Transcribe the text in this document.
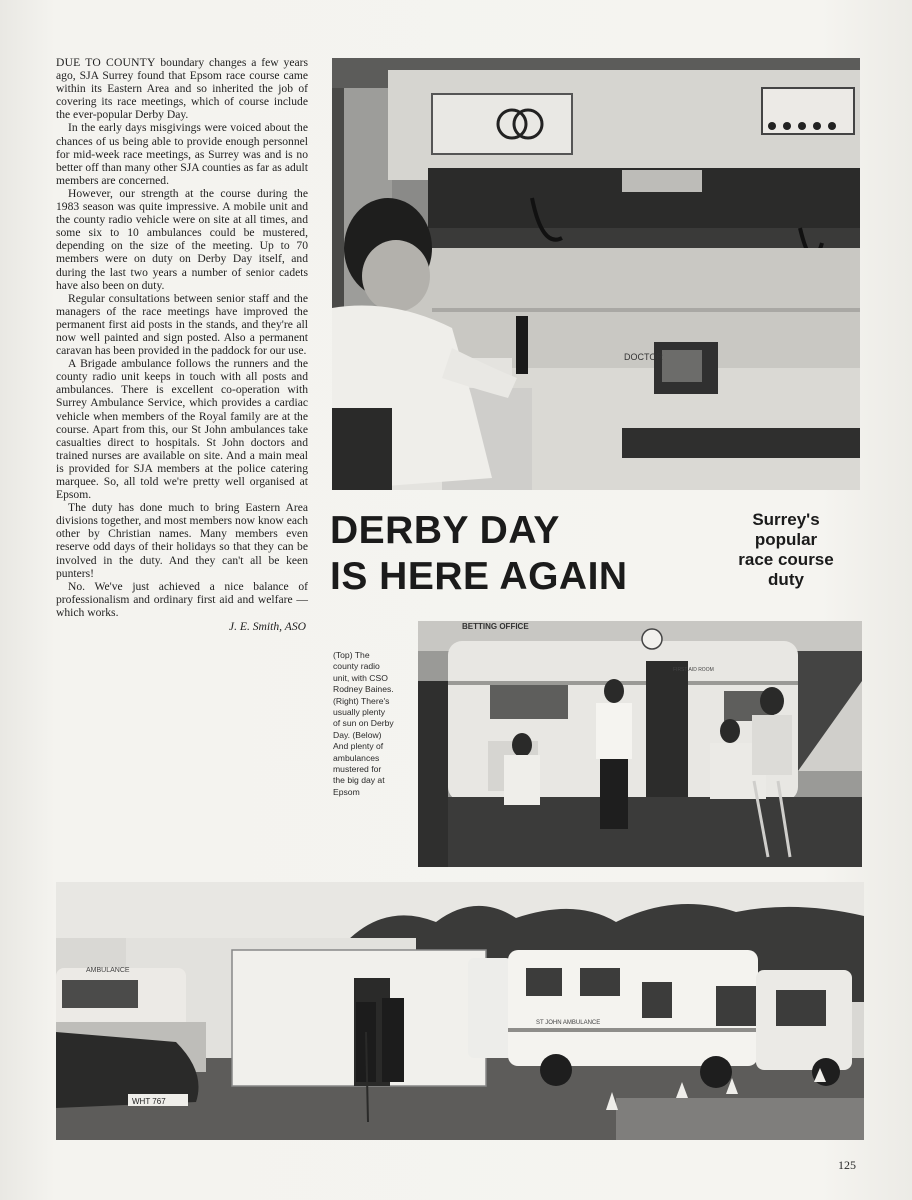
DUE TO COUNTY boundary changes a few years ago, SJA Surrey found that Epsom race course came within its Eastern Area and so inherited the job of covering its race meetings, which of course include the ever-popular Derby Day.

In the early days misgivings were voiced about the chances of us being able to provide enough personnel for mid-week race meetings, as Surrey was and is no better off than many other SJA counties as far as adult members are concerned.

However, our strength at the course during the 1983 season was quite impressive. A mobile unit and the county radio vehicle were on site at all times, and some six to 10 ambulances could be mustered, depending on the size of the meeting. Up to 70 members were on duty on Derby Day itself, and during the last two years a number of senior cadets have also been on duty.

Regular consultations between senior staff and the managers of the race meetings have improved the permanent first aid posts in the stands, and they're all now well painted and sign posted. Also a permanent caravan has been provided in the paddock for our use.

A Brigade ambulance follows the runners and the county radio unit keeps in touch with all posts and ambulances. There is excellent co-operation with Surrey Ambulance Service, which provides a cardiac vehicle when members of the Royal family are at the course. Apart from this, our St John ambulances take casualties direct to hospitals. St John doctors and trained nurses are available on site. And a main meal is provided for SJA members at the police catering marquee. So, all told we're pretty well organised at Epsom.

The duty has done much to bring Eastern Area divisions together, and most members now know each other by Christian names. Many members even reserve odd days of their holidays so that they can be involved in the duty. And they can't all be keen punters!

No. We've just achieved a nice balance of professionalism and ordinary first aid and welfare — which works.

J. E. Smith, ASO
DOCTOR
DERBY DAY
IS HERE AGAIN
Surrey's
popular
race course
duty
(Top) The
county radio
unit, with CSO
Rodney Baines.
(Right) There's
usually plenty
of sun on Derby
Day. (Below)
And plenty of
ambulances
mustered for
the big day at
Epsom
BETTING OFFICE
FIRST AID ROOM
AMBULANCE
WHT 767
ST JOHN AMBULANCE
125
